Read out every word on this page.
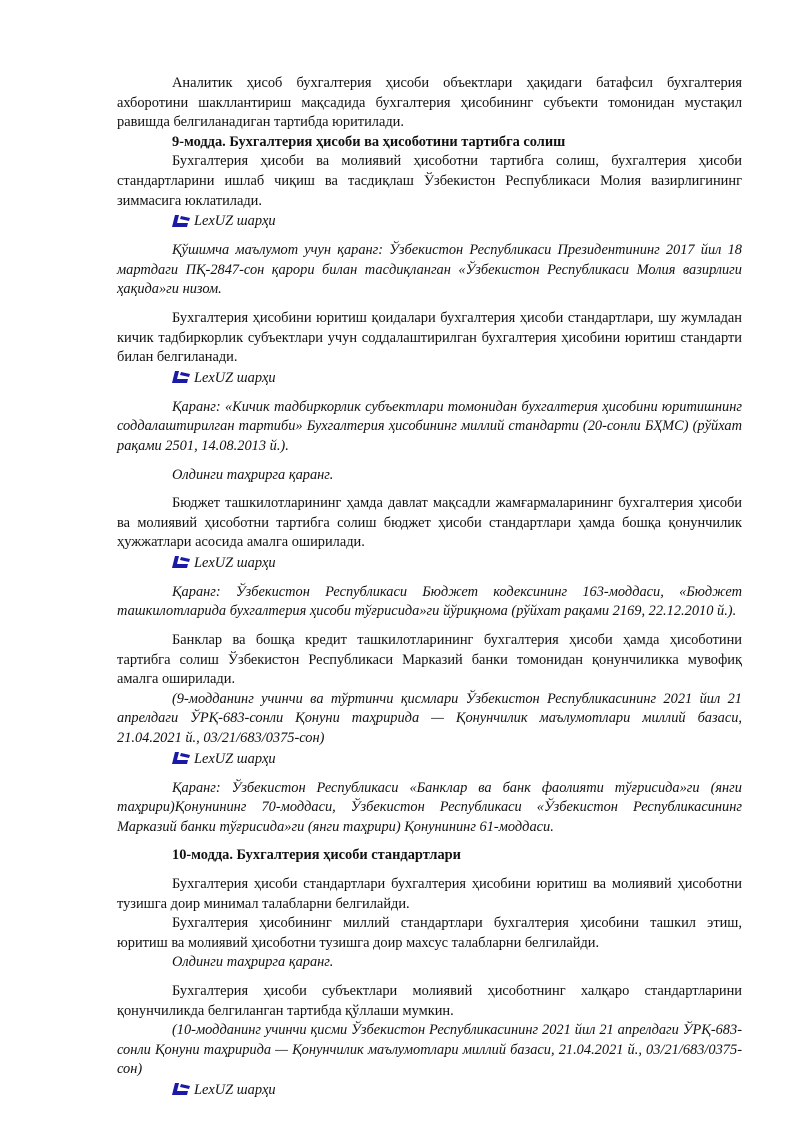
Аналитик ҳисоб бухгалтерия ҳисоби объектлари ҳақидаги батафсил бухгалтерия ахборотини шакллантириш мақсадида бухгалтерия ҳисобининг субъекти томонидан мустақил равишда белгиланадиган тартибда юритилади.

9-модда. Бухгалтерия ҳисоби ва ҳисоботини тартибга солиш

Бухгалтерия ҳисоби ва молиявий ҳисоботни тартибга солиш, бухгалтерия ҳисоби стандартларини ишлаб чиқиш ва тасдиқлаш Ўзбекистон Республикаси Молия вазирлигининг зиммасига юклатилади.

LexUZ шарҳи

Қўшимча маълумот учун қаранг: Ўзбекистон Республикаси Президентининг 2017 йил 18 мартдаги ПҚ-2847-сон қарори билан тасдиқланган «Ўзбекистон Республикаси Молия вазирлиги ҳақида»ги низом.

Бухгалтерия ҳисобини юритиш қоидалари бухгалтерия ҳисоби стандартлари, шу жумладан кичик тадбиркорлик субъектлари учун соддалаштирилган бухгалтерия ҳисобини юритиш стандарти билан белгиланади.

LexUZ шарҳи

Қаранг: «Кичик тадбиркорлик субъектлари томонидан бухгалтерия ҳисобини юритишнинг соддалаштирилган тартиби» Бухгалтерия ҳисобининг миллий стандарти (20-сонли БҲМС) (рўйхат рақами 2501, 14.08.2013 й.).

Олдинги таҳрирга қаранг.

Бюджет ташкилотларининг ҳамда давлат мақсадли жамғармаларининг бухгалтерия ҳисоби ва молиявий ҳисоботни тартибга солиш бюджет ҳисоби стандартлари ҳамда бошқа қонунчилик ҳужжатлари асосида амалга оширилади.

LexUZ шарҳи

Қаранг: Ўзбекистон Республикаси Бюджет кодексининг 163-моддаси, «Бюджет ташкилотларида бухгалтерия ҳисоби тўғрисида»ги йўриқнома (рўйхат рақами 2169, 22.12.2010 й.).

Банклар ва бошқа кредит ташкилотларининг бухгалтерия ҳисоби ҳамда ҳисоботини тартибга солиш Ўзбекистон Республикаси Марказий банки томонидан қонунчиликка мувофиқ амалга оширилади.

(9-модданинг учинчи ва тўртинчи қисмлари Ўзбекистон Республикасининг 2021 йил 21 апрелдаги ЎРҚ-683-сонли Қонуни таҳририда — Қонунчилик маълумотлари миллий базаси, 21.04.2021 й., 03/21/683/0375-сон)

LexUZ шарҳи

Қаранг: Ўзбекистон Республикаси «Банклар ва банк фаолияти тўғрисида»ги (янги таҳрири)Қонунининг 70-моддаси, Ўзбекистон Республикаси «Ўзбекистон Республикасининг Марказий банки тўғрисида»ги (янги таҳрири) Қонунининг 61-моддаси.

10-модда. Бухгалтерия ҳисоби стандартлари

Бухгалтерия ҳисоби стандартлари бухгалтерия ҳисобини юритиш ва молиявий ҳисоботни тузишга доир минимал талабларни белгилайди.

Бухгалтерия ҳисобининг миллий стандартлари бухгалтерия ҳисобини ташкил этиш, юритиш ва молиявий ҳисоботни тузишга доир махсус талабларни белгилайди.

Олдинги таҳрирга қаранг.

Бухгалтерия ҳисоби субъектлари молиявий ҳисоботнинг халқаро стандартларини қонунчиликда белгиланган тартибда қўллаши мумкин.

(10-модданинг учинчи қисми Ўзбекистон Республикасининг 2021 йил 21 апрелдаги ЎРҚ-683-сонли Қонуни таҳририда — Қонунчилик маълумотлари миллий базаси, 21.04.2021 й., 03/21/683/0375-сон)

LexUZ шарҳи
